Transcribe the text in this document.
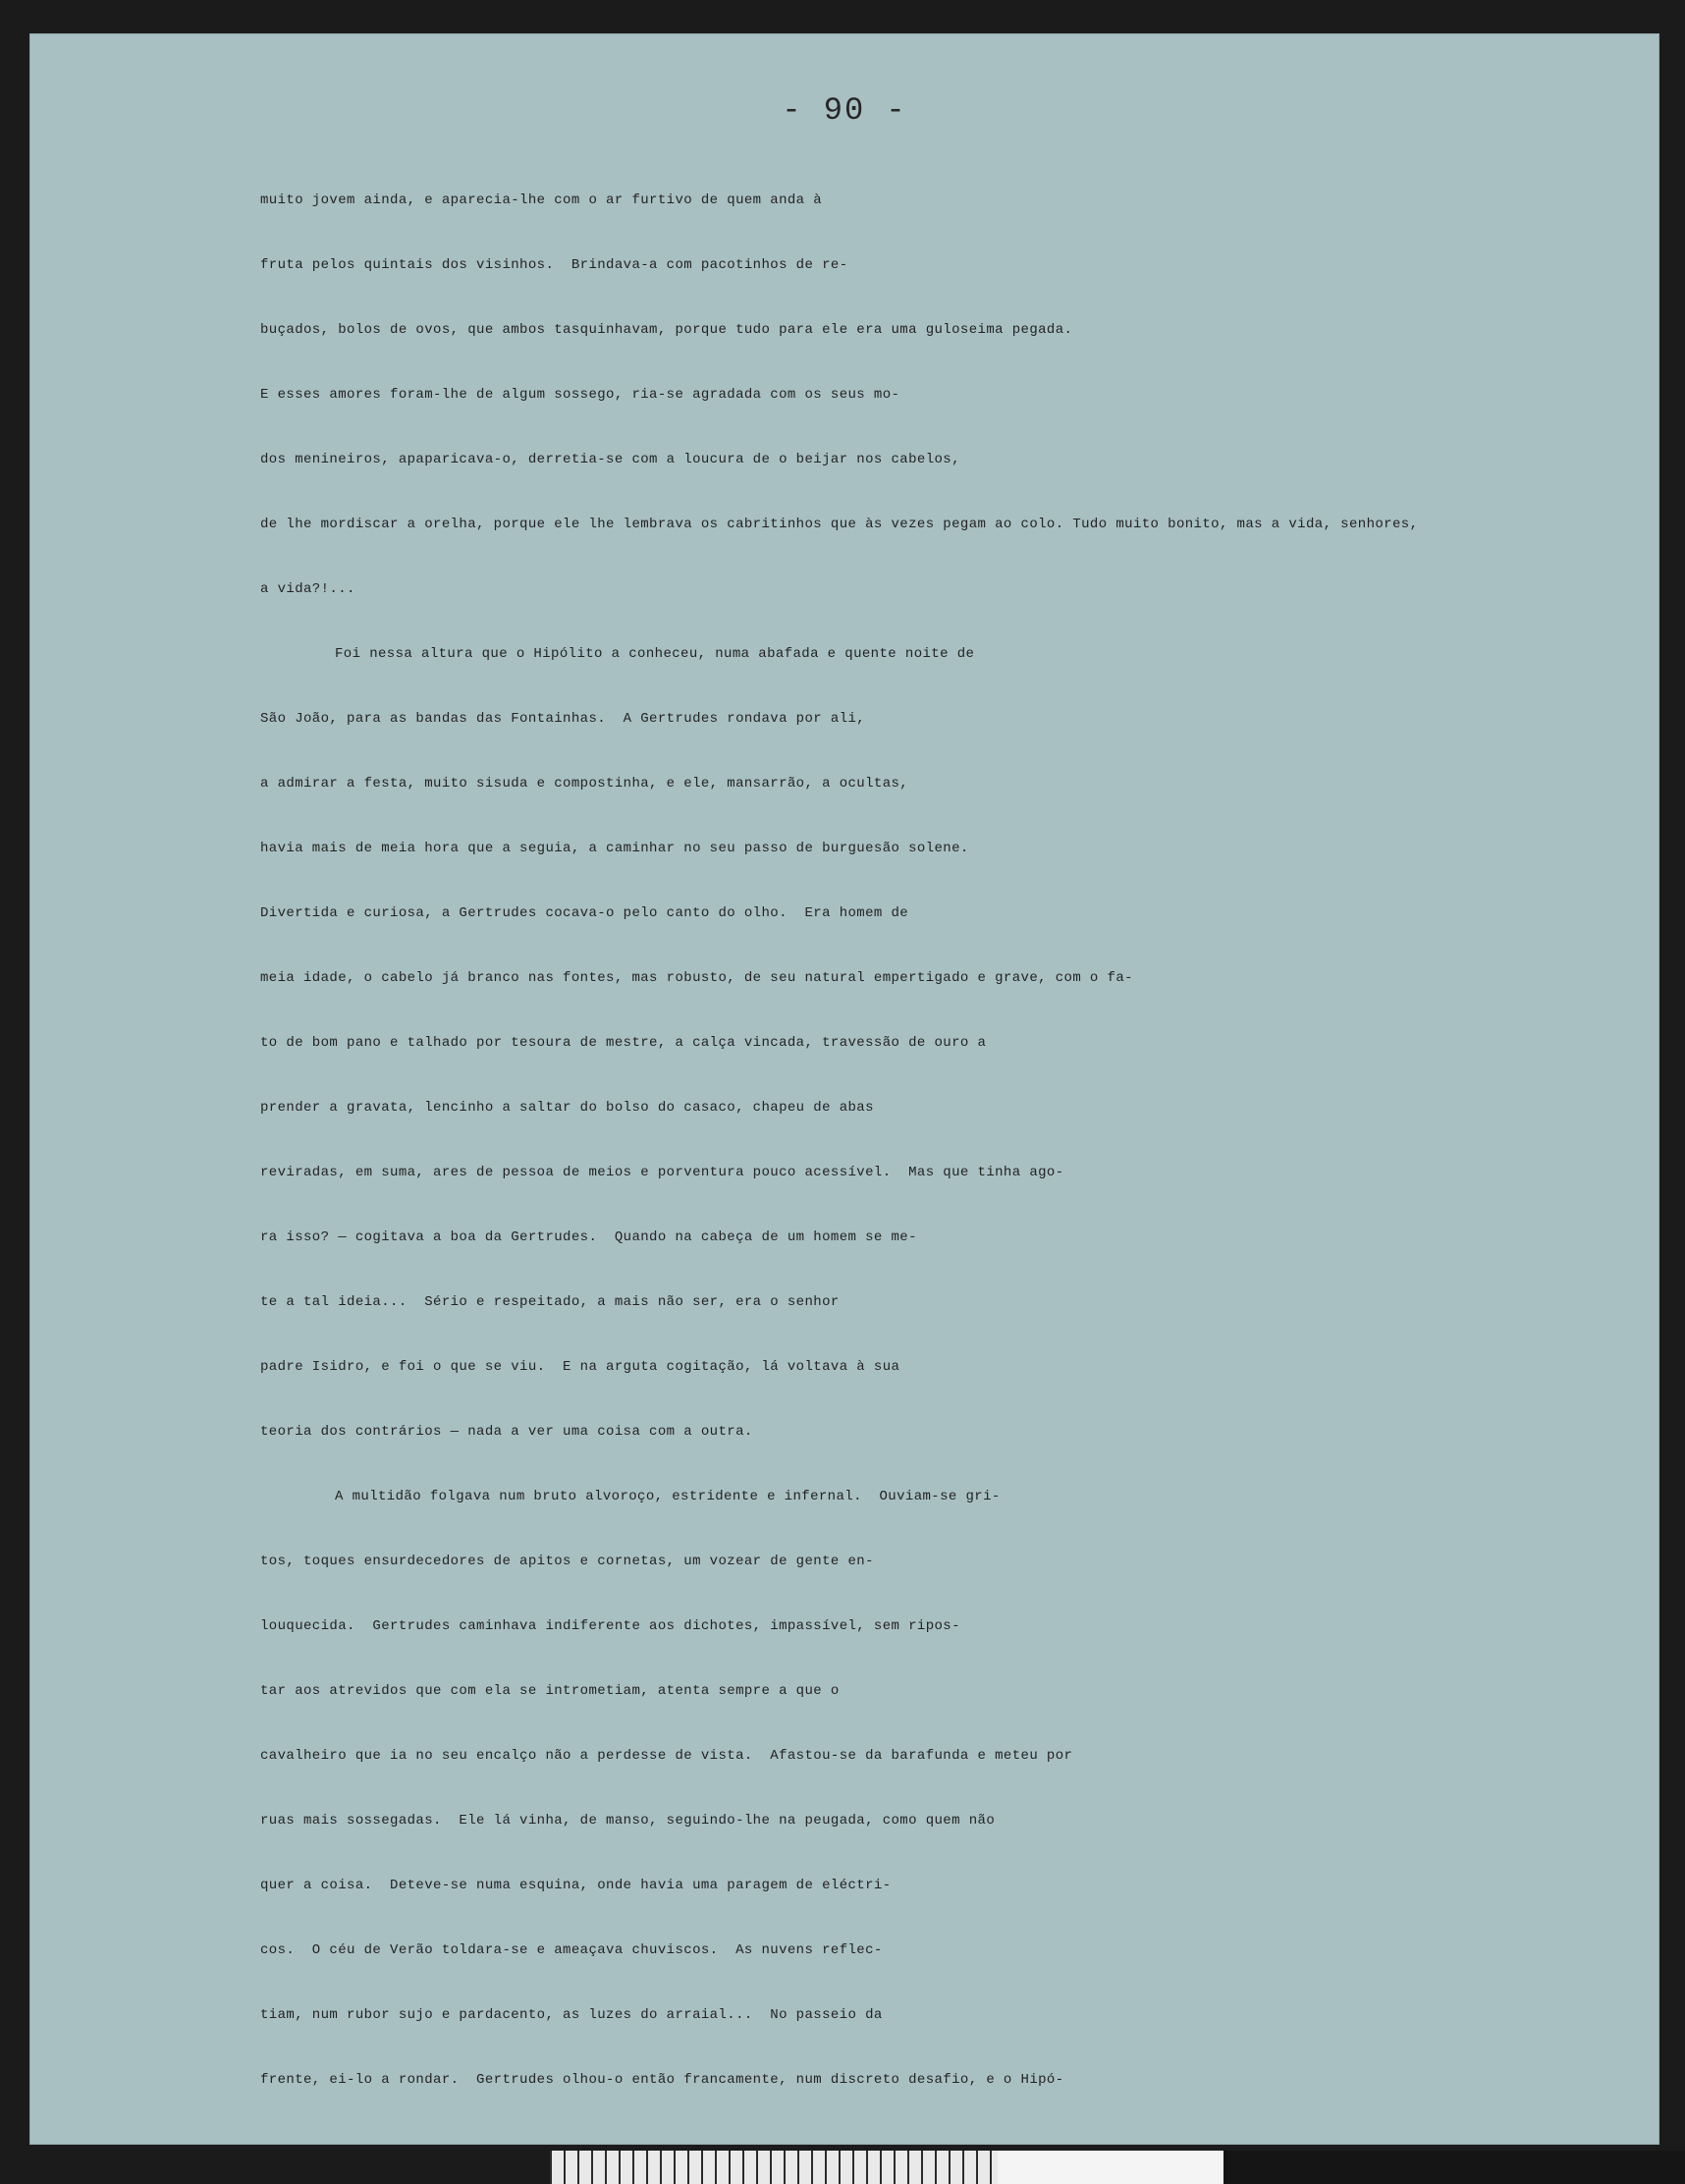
- 90 -
muito jovem ainda, e aparecia-lhe com o ar furtivo de quem anda à
fruta pelos quintais dos visinhos.  Brindava-a com pacotinhos de re-
buçados, bolos de ovos, que ambos tasquinhavam, porque tudo para ele era uma guloseima pegada.
E esses amores foram-lhe de algum sossego, ria-se agradada com os seus mo-
dos menineiros, apaparicava-o, derretia-se com a loucura de o beijar nos cabelos,
de lhe mordiscar a orelha, porque ele lhe lembrava os cabritinhos que às vezes pegam ao colo. Tudo muito bonito, mas a vida, senhores,
a vida?!...
Foi nessa altura que o Hipólito a conheceu, numa abafada e quente noite de
São João, para as bandas das Fontainhas.  A Gertrudes rondava por ali,
a admirar a festa, muito sisuda e compostinha, e ele, mansarrão, a ocultas,
havia mais de meia hora que a seguia, a caminhar no seu passo de burguesão solene.
Divertida e curiosa, a Gertrudes cocava-o pelo canto do olho.  Era homem de
meia idade, o cabelo já branco nas fontes, mas robusto, de seu natural empertigado e grave, com o fa-
to de bom pano e talhado por tesoura de mestre, a calça vincada, travessão de ouro a
prender a gravata, lencinho a saltar do bolso do casaco, chapeu de abas
reviradas, em suma, ares de pessoa de meios e porventura pouco acessível.  Mas que tinha ago-
ra isso? — cogitava a boa da Gertrudes.  Quando na cabeça de um homem se me-
te a tal ideia...  Sério e respeitado, a mais não ser, era o senhor
padre Isidro, e foi o que se viu.  E na arguta cogitação, lá voltava à sua
teoria dos contrários — nada a ver uma coisa com a outra.
A multidão folgava num bruto alvoroço, estridente e infernal.  Ouviam-se gri-
tos, toques ensurdecedores de apitos e cornetas, um vozear de gente en-
louquecida.  Gertrudes caminhava indiferente aos dichotes, impassível, sem ripos-
tar aos atrevidos que com ela se intrometiam, atenta sempre a que o
cavalheiro que ia no seu encalço não a perdesse de vista.  Afastou-se da barafunda e meteu por
ruas mais sossegadas.  Ele lá vinha, de manso, seguindo-lhe na peugada, como quem não
quer a coisa.  Deteve-se numa esquina, onde havia uma paragem de eléctri-
cos.  O céu de Verão toldara-se e ameaçava chuviscos.  As nuvens reflec-
tiam, num rubor sujo e pardacento, as luzes do arraial...  No passeio da
frente, ei-lo a rondar.  Gertrudes olhou-o então francamente, num discreto desafio, e o Hipó-
